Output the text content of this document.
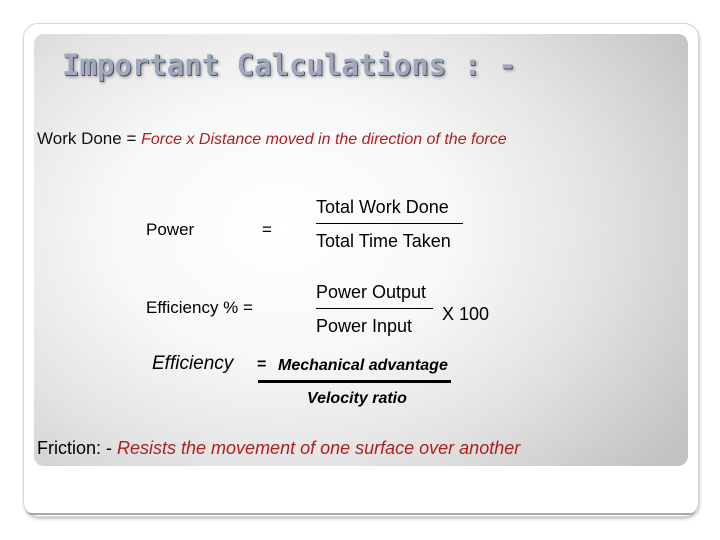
Important Calculations : -
Work Done = Force x Distance moved in the direction of the force
Power	=
Total Work Done
Total Time Taken
Efficiency % =
Power Output
Power Input
X 100
Efficiency = Mechanical advantage
Velocity ratio
Friction: - Resists the movement of one surface over another
